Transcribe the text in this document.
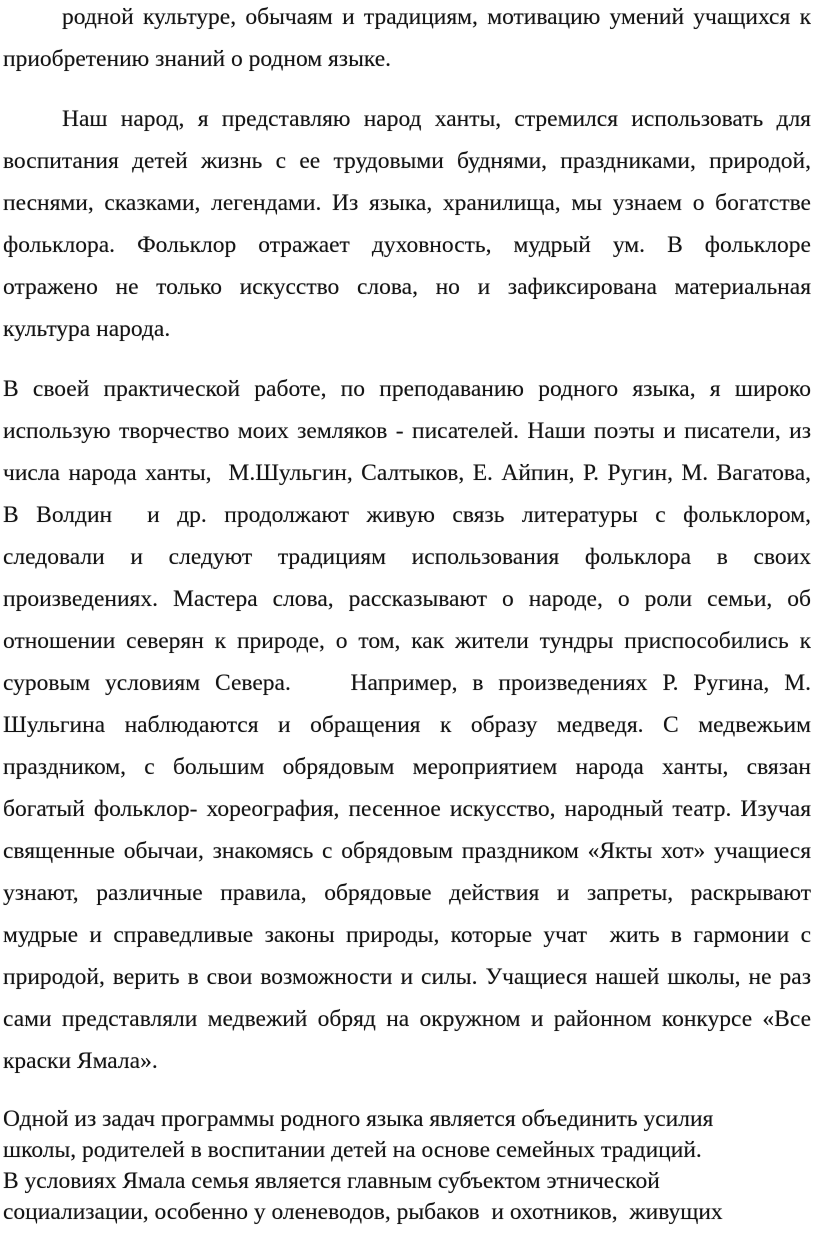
родной культуре, обычаям и традициям, мотивацию умений учащихся к
приобретению знаний о родном языке.
Наш народ, я представляю народ ханты, стремился использовать для
воспитания детей жизнь с ее трудовыми буднями, праздниками, природой,
песнями, сказками, легендами. Из языка, хранилища, мы узнаем о богатстве
фольклора. Фольклор отражает духовность, мудрый ум. В фольклоре
отражено не только искусство слова, но и зафиксирована материальная
культура народа.
В своей практической работе, по преподаванию родного языка, я широко
использую творчество моих земляков - писателей. Наши поэты и писатели, из
числа народа ханты,  М.Шульгин, Салтыков, Е. Айпин, Р. Ругин, М. Вагатова,
В Волдин  и др. продолжают живую связь литературы с фольклором,
следовали и следуют традициям использования фольклора в своих
произведениях. Мастера слова, рассказывают о народе, о роли семьи, об
отношении северян к природе, о том, как жители тундры приспособились к
суровым условиям Севера.    Например, в произведениях Р. Ругина, М.
Шульгина наблюдаются и обращения к образу медведя. С медвежьим
праздником, с большим обрядовым мероприятием народа ханты, связан
богатый фольклор- хореография, песенное искусство, народный театр. Изучая
священные обычаи, знакомясь с обрядовым праздником «Якты хот» учащиеся
узнают, различные правила, обрядовые действия и запреты, раскрывают
мудрые и справедливые законы природы, которые учат  жить в гармонии с
природой, верить в свои возможности и силы. Учащиеся нашей школы, не раз
сами представляли медвежий обряд на окружном и районном конкурсе «Все
краски Ямала».
Одной из задач программы родного языка является объединить усилия
школы, родителей в воспитании детей на основе семейных традиций.
В условиях Ямала семья является главным субъектом этнической
социализации, особенно у оленеводов, рыбаков  и охотников,  живущих
